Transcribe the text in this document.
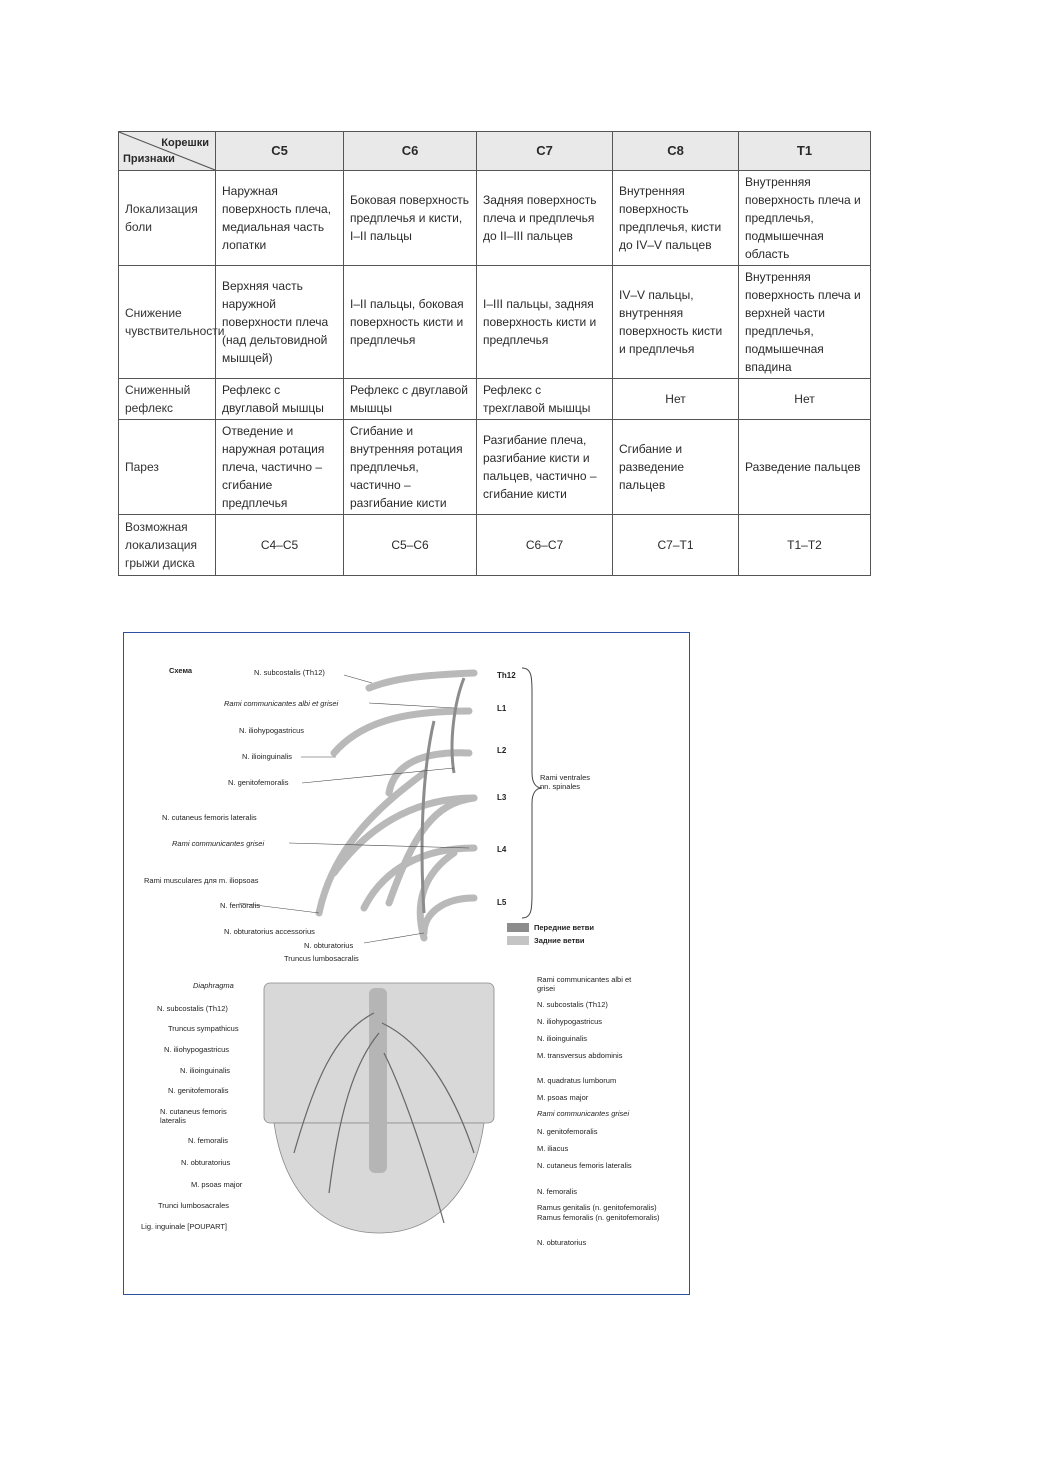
Корешки
Признаки	C5	C6	C7	C8	T1
Локализация боли	Наружная поверхность плеча, медиальная часть лопатки	Боковая поверхность предплечья и кисти, I–II пальцы	Задняя поверхность плеча и предплечья до II–III пальцев	Внутренняя поверхность предплечья, кисти до IV–V пальцев	Внутренняя поверхность плеча и предплечья, подмышечная область
Снижение чувствительности	Верхняя часть наружной поверхности плеча (над дельтовидной мышцей)	I–II пальцы, боковая поверхность кисти и предплечья	I–III пальцы, задняя поверхность кисти и предплечья	IV–V пальцы, внутренняя поверхность кисти и предплечья	Внутренняя поверхность плеча и верхней части предплечья, подмышечная впадина
Сниженный рефлекс	Рефлекс с двуглавой мышцы	Рефлекс с двуглавой мышцы	Рефлекс с трехглавой мышцы	Нет	Нет
Парез	Отведение и наружная ротация плеча, частично – сгибание предплечья	Сгибание и внутренняя ротация предплечья, частично – разгибание кисти	Разгибание плеча, разгибание кисти и пальцев, частично – сгибание кисти	Сгибание и разведение пальцев	Разведение пальцев
Возможная локализация грыжи диска	C4–C5	C5–C6	C6–C7	C7–T1	T1–T2
Схема
Th12
L1
L2
L3
L4
L5
Rami ventrales nn. spinales
Передние ветви
Задние ветви
N. subcostalis (Th12)
Rami communicantes albi et grisei
N. iliohypogastricus
N. ilioinguinalis
N. genitofemoralis
N. cutaneus femoris lateralis
Rami communicantes grisei
Rami musculares для m. iliopsoas
N. femoralis
N. obturatorius accessorius
N. obturatorius
Truncus lumbosacralis
Diaphragma
N. subcostalis (Th12)
Truncus sympathicus
N. iliohypogastricus
N. ilioinguinalis
N. genitofemoralis
N. cutaneus femoris lateralis
N. femoralis
N. obturatorius
M. psoas major
Trunci lumbosacrales
Lig. inguinale [POUPART]
Rami communicantes albi et grisei
N. subcostalis (Th12)
N. iliohypogastricus
N. ilioinguinalis
M. transversus abdominis
M. quadratus lumborum
M. psoas major
Rami communicantes grisei
N. genitofemoralis
M. iliacus
N. cutaneus femoris lateralis
N. femoralis
Ramus genitalis (n. genitofemoralis)
Ramus femoralis (n. genitofemoralis)
N. obturatorius
